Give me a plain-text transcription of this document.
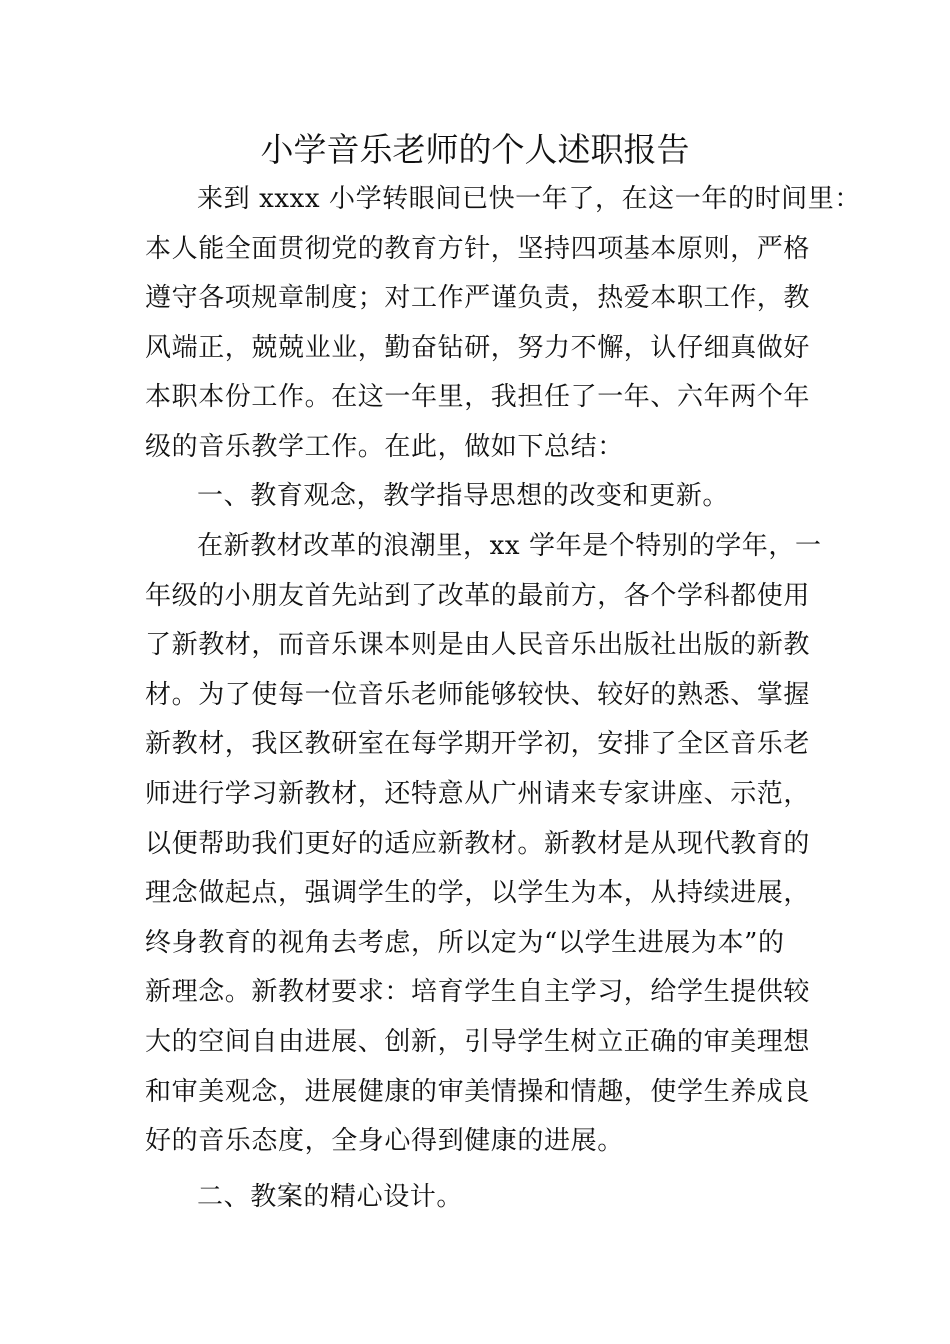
小学音乐老师的个人述职报告

来到 xxxx 小学转眼间已快一年了，在这一年的时间里：
本人能全面贯彻党的教育方针，坚持四项基本原则，严格
遵守各项规章制度；对工作严谨负责，热爱本职工作，教
风端正，兢兢业业，勤奋钻研，努力不懈，认仔细真做好
本职本份工作。在这一年里，我担任了一年、六年两个年
级的音乐教学工作。在此，做如下总结：

一、教育观念，教学指导思想的改变和更新。

在新教材改革的浪潮里，xx 学年是个特别的学年，一
年级的小朋友首先站到了改革的最前方，各个学科都使用
了新教材，而音乐课本则是由人民音乐出版社出版的新教
材。为了使每一位音乐老师能够较快、较好的熟悉、掌握
新教材，我区教研室在每学期开学初，安排了全区音乐老
师进行学习新教材，还特意从广州请来专家讲座、示范，
以便帮助我们更好的适应新教材。新教材是从现代教育的
理念做起点，强调学生的学，以学生为本，从持续进展，
终身教育的视角去考虑，所以定为“以学生进展为本”的
新理念。新教材要求：培育学生自主学习，给学生提供较
大的空间自由进展、创新，引导学生树立正确的审美理想
和审美观念，进展健康的审美情操和情趣，使学生养成良
好的音乐态度，全身心得到健康的进展。

二、教案的精心设计。
